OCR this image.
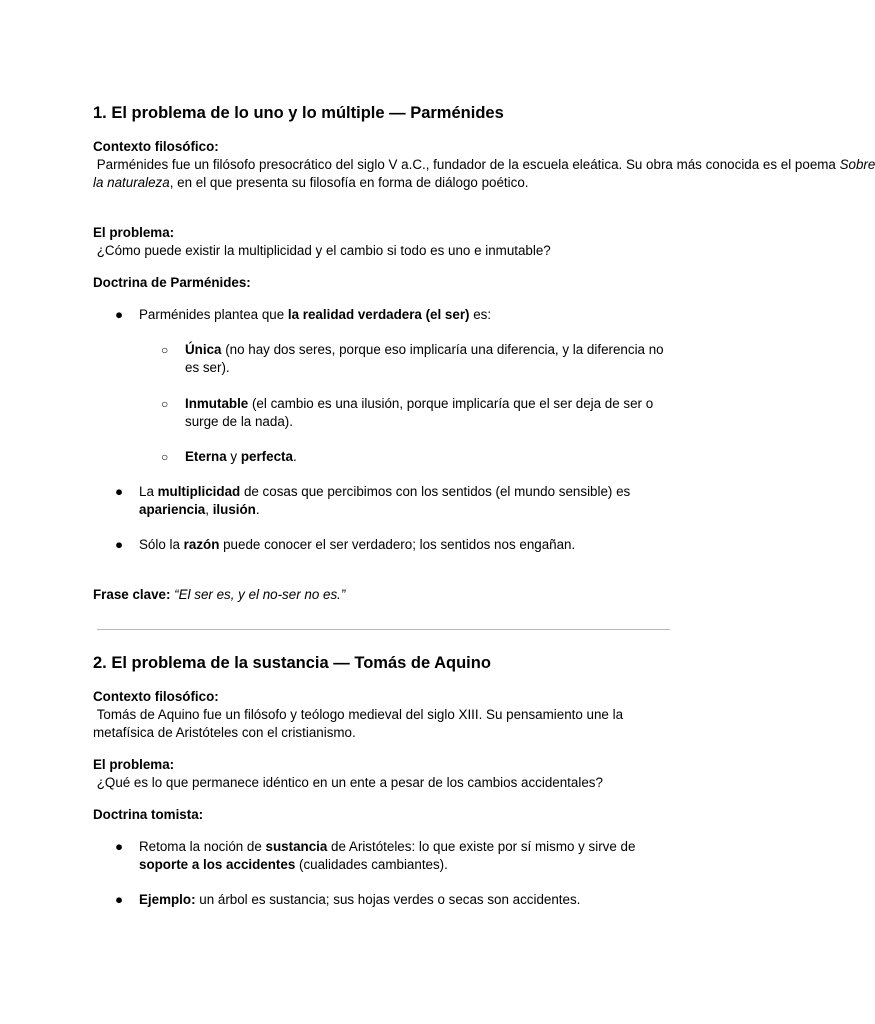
1. El problema de lo uno y lo múltiple — Parménides

Contexto filosófico:

Parménides fue un filósofo presocrático del siglo V a.C., fundador de la escuela eleática. Su obra más conocida es el poema Sobre la naturaleza, en el que presenta su filosofía en forma de diálogo poético.

El problema:

¿Cómo puede existir la multiplicidad y el cambio si todo es uno e inmutable?

Doctrina de Parménides:

● Parménides plantea que la realidad verdadera (el ser) es:
○ Única (no hay dos seres, porque eso implicaría una diferencia, y la diferencia no es ser).
○ Inmutable (el cambio es una ilusión, porque implicaría que el ser deja de ser o surge de la nada).
○ Eterna y perfecta.
● La multiplicidad de cosas que percibimos con los sentidos (el mundo sensible) es apariencia, ilusión.
● Sólo la razón puede conocer el ser verdadero; los sentidos nos engañan.

Frase clave: “El ser es, y el no-ser no es.”

2. El problema de la sustancia — Tomás de Aquino

Contexto filosófico:

Tomás de Aquino fue un filósofo y teólogo medieval del siglo XIII. Su pensamiento une la metafísica de Aristóteles con el cristianismo.

El problema:

¿Qué es lo que permanece idéntico en un ente a pesar de los cambios accidentales?

Doctrina tomista:

● Retoma la noción de sustancia de Aristóteles: lo que existe por sí mismo y sirve de soporte a los accidentes (cualidades cambiantes).
● Ejemplo: un árbol es sustancia; sus hojas verdes o secas son accidentes.
